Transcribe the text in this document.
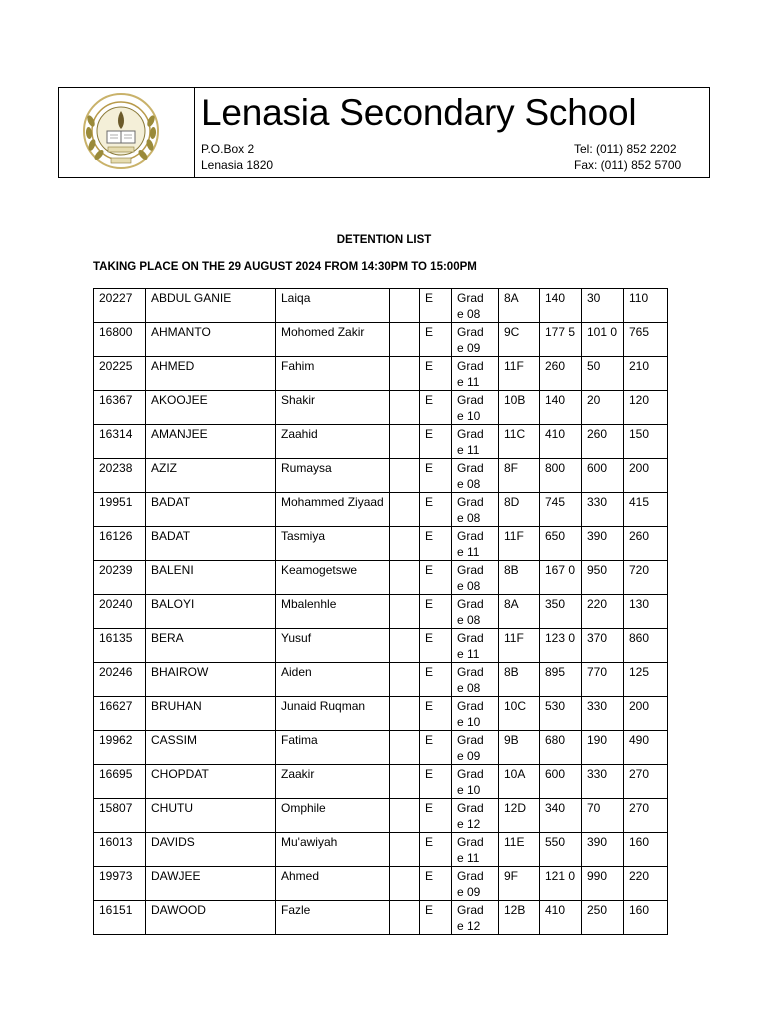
Lenasia Secondary School
P.O.Box 2
Lenasia 1820
Tel: (011) 852 2202
Fax: (011) 852 5700
DETENTION LIST
TAKING PLACE ON THE 29 AUGUST 2024 FROM 14:30PM TO 15:00PM
20227	ABDUL GANIE	Laiqa		E	Grad e 08	8A	140	30	110
16800	AHMANTO	Mohomed Zakir		E	Grad e 09	9C	177 5	101 0	765
20225	AHMED	Fahim		E	Grad e 11	11F	260	50	210
16367	AKOOJEE	Shakir		E	Grad e 10	10B	140	20	120
16314	AMANJEE	Zaahid		E	Grad e 11	11C	410	260	150
20238	AZIZ	Rumaysa		E	Grad e 08	8F	800	600	200
19951	BADAT	Mohammed Ziyaad		E	Grad e 08	8D	745	330	415
16126	BADAT	Tasmiya		E	Grad e 11	11F	650	390	260
20239	BALENI	Keamogetswe		E	Grad e 08	8B	167 0	950	720
20240	BALOYI	Mbalenhle		E	Grad e 08	8A	350	220	130
16135	BERA	Yusuf		E	Grad e 11	11F	123 0	370	860
20246	BHAIROW	Aiden		E	Grad e 08	8B	895	770	125
16627	BRUHAN	Junaid Ruqman		E	Grad e 10	10C	530	330	200
19962	CASSIM	Fatima		E	Grad e 09	9B	680	190	490
16695	CHOPDAT	Zaakir		E	Grad e 10	10A	600	330	270
15807	CHUTU	Omphile		E	Grad e 12	12D	340	70	270
16013	DAVIDS	Mu'awiyah		E	Grad e 11	11E	550	390	160
19973	DAWJEE	Ahmed		E	Grad e 09	9F	121 0	990	220
16151	DAWOOD	Fazle		E	Grad e 12	12B	410	250	160
